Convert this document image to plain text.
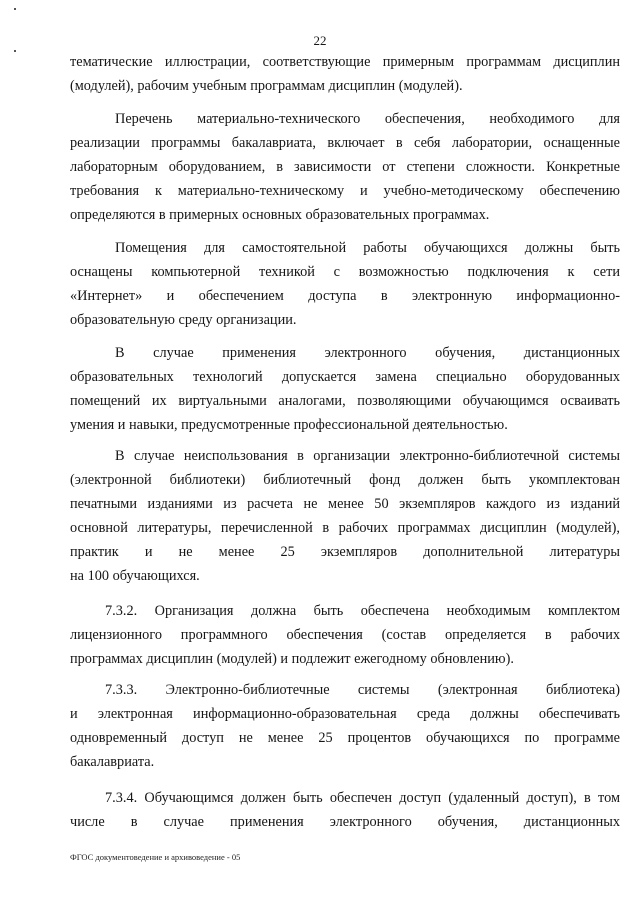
22
тематические иллюстрации, соответствующие примерным программам дисциплин
(модулей), рабочим учебным программам дисциплин (модулей).
Перечень материально-технического обеспечения, необходимого для
реализации программы бакалавриата, включает в себя лаборатории, оснащенные
лабораторным оборудованием, в зависимости от степени сложности. Конкретные
требования к материально-техническому и учебно-методическому обеспечению
определяются в примерных основных образовательных программах.
Помещения для самостоятельной работы обучающихся должны быть
оснащены компьютерной техникой с возможностью подключения к сети
«Интернет» и обеспечением доступа в электронную информационно-
образовательную среду организации.
В случае применения электронного обучения, дистанционных
образовательных технологий допускается замена специально оборудованных
помещений их виртуальными аналогами, позволяющими обучающимся осваивать
умения и навыки, предусмотренные профессиональной деятельностью.
В случае неиспользования в организации электронно-библиотечной системы
(электронной библиотеки) библиотечный фонд должен быть укомплектован
печатными изданиями из расчета не менее 50 экземпляров каждого из изданий
основной литературы, перечисленной в рабочих программах дисциплин (модулей),
практик и не менее 25 экземпляров дополнительной литературы
на 100 обучающихся.
7.3.2. Организация должна быть обеспечена необходимым комплектом
лицензионного программного обеспечения (состав определяется в рабочих
программах дисциплин (модулей) и подлежит ежегодному обновлению).
7.3.3. Электронно-библиотечные системы (электронная библиотека)
и электронная информационно-образовательная среда должны обеспечивать
одновременный доступ не менее 25 процентов обучающихся по программе
бакалавриата.
7.3.4. Обучающимся должен быть обеспечен доступ (удаленный доступ), в том
числе в случае применения электронного обучения, дистанционных
ФГОС документоведение и архивоведение - 05
